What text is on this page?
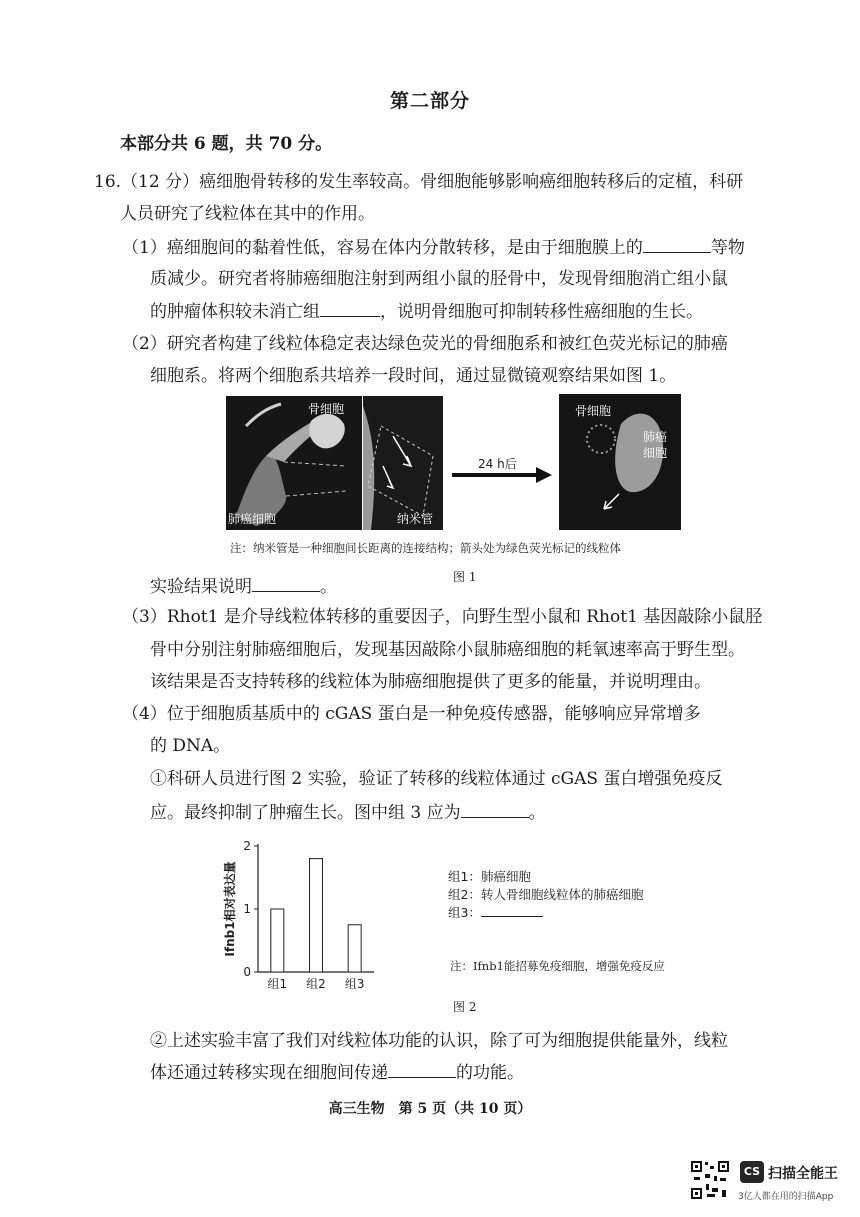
第二部分
本部分共 6 题，共 70 分。
16.（12 分）癌细胞骨转移的发生率较高。骨细胞能够影响癌细胞转移后的定植，科研
人员研究了线粒体在其中的作用。
（1）癌细胞间的黏着性低，容易在体内分散转移，是由于细胞膜上的	等物
质减少。研究者将肺癌细胞注射到两组小鼠的胫骨中，发现骨细胞消亡组小鼠
的肿瘤体积较未消亡组	，说明骨细胞可抑制转移性癌细胞的生长。
（2）研究者构建了线粒体稳定表达绿色荧光的骨细胞系和被红色荧光标记的肺癌
细胞系。将两个细胞系共培养一段时间，通过显微镜观察结果如图 1。
骨细胞
肺癌细胞	纳米管
24 h后
骨细胞
肺癌
细胞
注：纳米管是一种细胞间长距离的连接结构；箭头处为绿色荧光标记的线粒体
实验结果说明	。	图 1
（3）Rhot1 是介导线粒体转移的重要因子，向野生型小鼠和 Rhot1 基因敲除小鼠胫
骨中分别注射肺癌细胞后，发现基因敲除小鼠肺癌细胞的耗氧速率高于野生型。
该结果是否支持转移的线粒体为肺癌细胞提供了更多的能量，并说明理由。
（4）位于细胞质基质中的 cGAS 蛋白是一种免疫传感器，能够响应异常增多
的 DNA。
①科研人员进行图 2 实验，验证了转移的线粒体通过 cGAS 蛋白增强免疫反
应。最终抑制了肿瘤生长。图中组 3 应为	。
0
1
2
Ifnb1相对表达量
组1 组2 组3
组1：肺癌细胞
组2：转人骨细胞线粒体的肺癌细胞
组3：
注：Ifnb1能招募免疫细胞，增强免疫反应
图 2
②上述实验丰富了我们对线粒体功能的认识，除了可为细胞提供能量外，线粒
体还通过转移实现在细胞间传递	的功能。
高三生物　第 5 页（共 10 页）
CS 扫描全能王
3亿人都在用的扫描App
